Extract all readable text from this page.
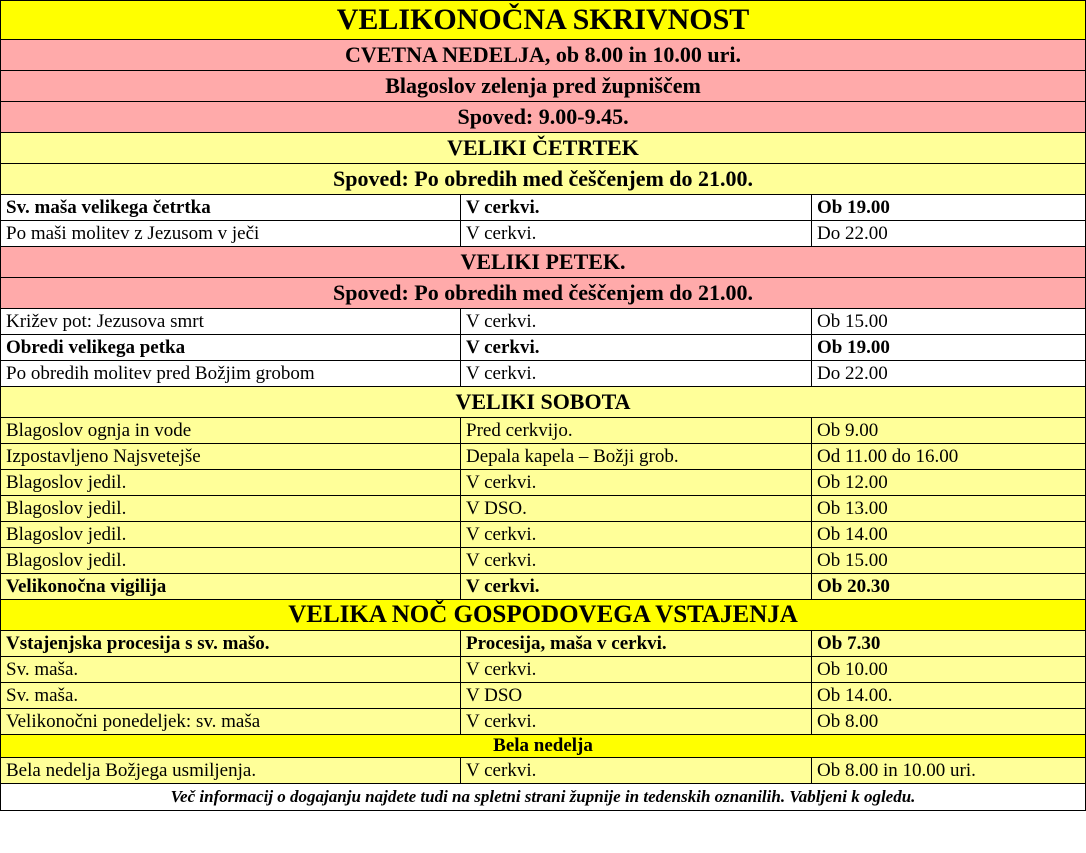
VELIKONOČNA SKRIVNOST		
CVETNA NEDELJA, ob 8.00 in 10.00 uri.		
Blagoslov zelenja pred župniščem		
Spoved: 9.00-9.45.		
VELIKI ČETRTEK		
Spoved: Po obredih med češčenjem do 21.00.		
Sv. maša velikega četrtka	V cerkvi.	Ob 19.00
Po maši molitev z Jezusom v ječi	V cerkvi.	Do 22.00
VELIKI PETEK.		
Spoved: Po obredih med češčenjem do 21.00.		
Križev pot: Jezusova smrt	V cerkvi.	Ob 15.00
Obredi velikega petka	V cerkvi.	Ob 19.00
Po obredih molitev pred Božjim grobom	V cerkvi.	Do 22.00
VELIKI SOBOTA		
Blagoslov ognja in vode	Pred cerkvijo.	Ob 9.00
Izpostavljeno Najsvetejše	Depala kapela – Božji grob.	Od 11.00 do 16.00
Blagoslov jedil.	V cerkvi.	Ob 12.00
Blagoslov jedil.	V DSO.	Ob 13.00
Blagoslov jedil.	V cerkvi.	Ob 14.00
Blagoslov jedil.	V cerkvi.	Ob 15.00
Velikonočna vigilija	V cerkvi.	Ob 20.30
VELIKA NOČ GOSPODOVEGA VSTAJENJA		
Vstajenjska procesija s sv. mašo.	Procesija, maša v cerkvi.	Ob 7.30
Sv. maša.	V cerkvi.	Ob 10.00
Sv. maša.	V DSO	Ob 14.00.
Velikonočni ponedeljek: sv. maša	V cerkvi.	Ob 8.00
Bela nedelja		
Bela nedelja Božjega usmiljenja.	V cerkvi.	Ob 8.00 in 10.00 uri.
Več informacij o dogajanju najdete tudi na spletni strani župnije in tedenskih oznanilih. Vabljeni k ogledu.		
